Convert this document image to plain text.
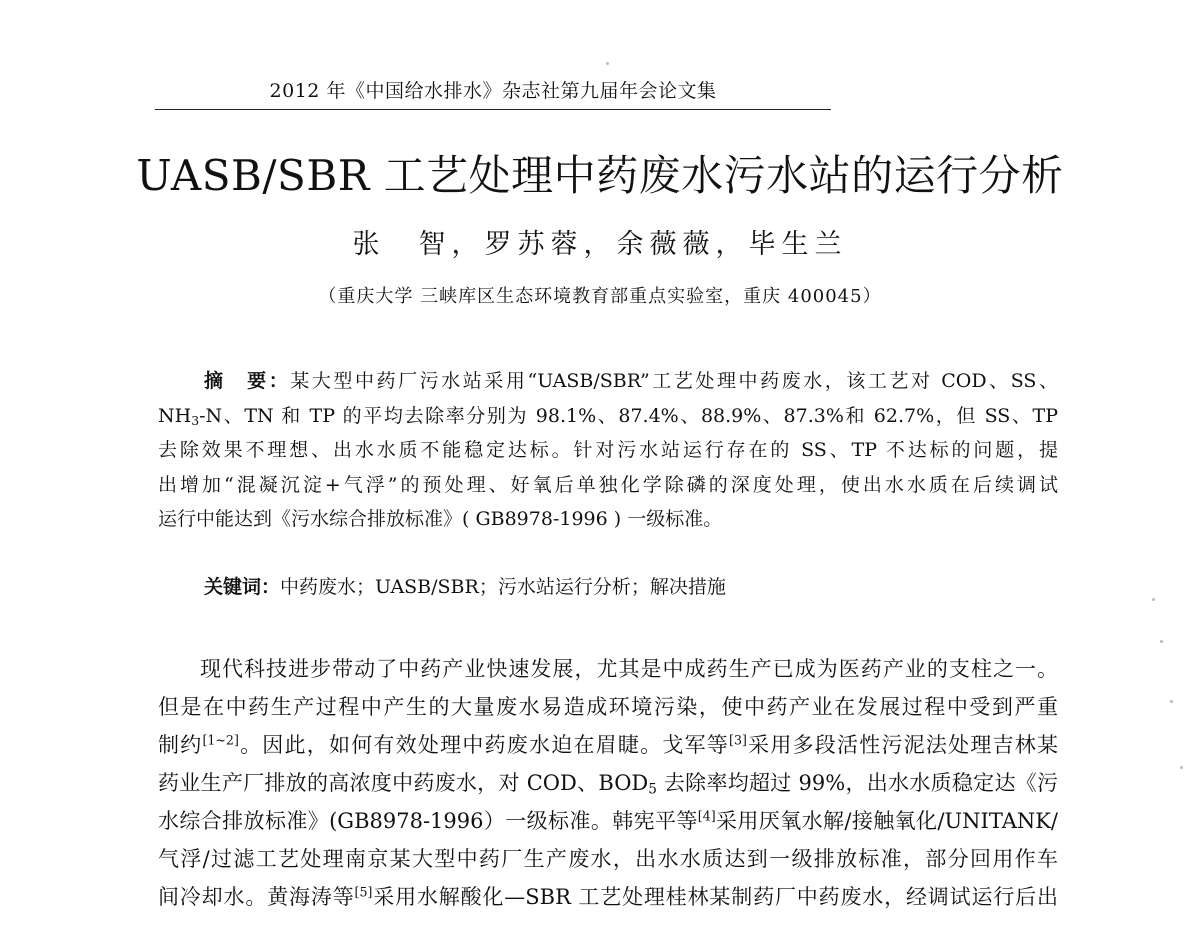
2012 年《中国给水排水》杂志社第九届年会论文集
UASB/SBR 工艺处理中药废水污水站的运行分析
张　智，罗苏蓉，余薇薇，毕生兰
（重庆大学 三峡库区生态环境教育部重点实验室，重庆 400045）
摘　要：某大型中药厂污水站采用“UASB/SBR”工艺处理中药废水，该工艺对 COD、SS、
$NH_3-N$、TN 和 TP 的平均去除率分别为 98.1%、87.4%、88.9%、87.3%和 62.7%，但 SS、TP
去除效果不理想、出水水质不能稳定达标。针对污水站运行存在的 SS、TP 不达标的问题，提
出增加“混凝沉淀+气浮”的预处理、好氧后单独化学除磷的深度处理，使出水水质在后续调试
运行中能达到《污水综合排放标准》( GB8978-1996 ) 一级标准。
关键词：中药废水；UASB/SBR；污水站运行分析；解决措施
现代科技进步带动了中药产业快速发展，尤其是中成药生产已成为医药产业的支柱之一。
但是在中药生产过程中产生的大量废水易造成环境污染，使中药产业在发展过程中受到严重
制约[1~2]。因此，如何有效处理中药废水迫在眉睫。戈军等[3]采用多段活性污泥法处理吉林某
药业生产厂排放的高浓度中药废水，对 COD、$BOD_5$ 去除率均超过 99%，出水水质稳定达《污
水综合排放标准》(GB8978-1996）一级标准。韩宪平等[4]采用厌氧水解/接触氧化/UNITANK/
气浮/过滤工艺处理南京某大型中药厂生产废水，出水水质达到一级排放标准，部分回用作车
间冷却水。黄海涛等[5]采用水解酸化—SBR 工艺处理桂林某制药厂中药废水，经调试运行后出
